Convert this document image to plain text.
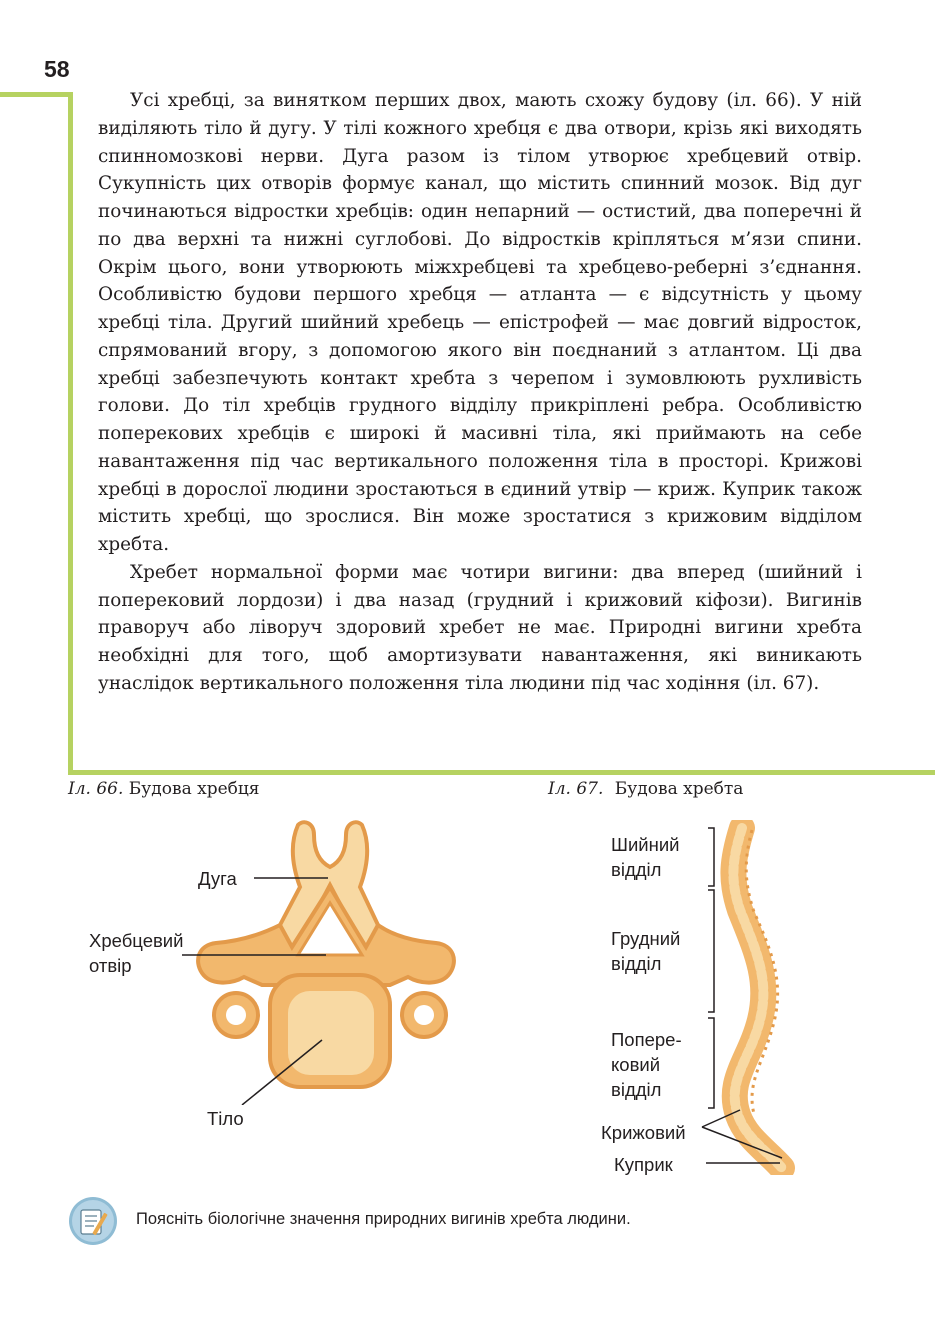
58

Усі хребці, за винятком перших двох, мають схожу будову (іл. 66). У ній виділяють тіло й дугу. У тілі кожного хребця є два отвори, крізь які виходять спинномозкові нерви. Дуга разом із тілом утворює хребцевий отвір. Сукупність цих отворів формує канал, що містить спинний мозок. Від дуг починаються відростки хребців: один непарний — остистий, два поперечні й по два верхні та нижні суглобові. До відростків кріпляться м’язи спини. Окрім цього, вони утворюють міжхребцеві та хребцево-реберні з’єднання. Особливістю будови першого хребця — атланта — є відсутність у цьому хребці тіла. Другий шийний хребець — епістрофей — має довгий відросток, спрямований вгору, з допомогою якого він поєднаний з атлантом. Ці два хребці забезпечують контакт хребта з черепом і зумовлюють рухливість голови. До тіл хребців грудного відділу прикріплені ребра. Особливістю поперекових хребців є широкі й масивні тіла, які приймають на себе навантаження під час вертикального положення тіла в просторі. Крижові хребці в дорослої людини зростаються в єдиний утвір — криж. Куприк також містить хребці, що зрослися. Він може зростатися з крижовим відділом хребта.

Хребет нормальної форми має чотири вигини: два вперед (шийний і поперековий лордози) і два назад (грудний і крижовий кіфози). Вигинів праворуч або ліворуч здоровий хребет не має. Природні вигини хребта необхідні для того, щоб амортизувати навантаження, які виникають унаслідок вертикального положення тіла людини під час ходіння (іл. 67).

Іл. 66. Будова хребця	Іл. 67. Будова хребта
Дуга
Хребцевий
отвір
Тіло
Шийний
відділ
Грудний
відділ
Попере-
ковий
відділ
Крижовий
Куприк
Поясніть біологічне значення природних вигинів хребта людини.
